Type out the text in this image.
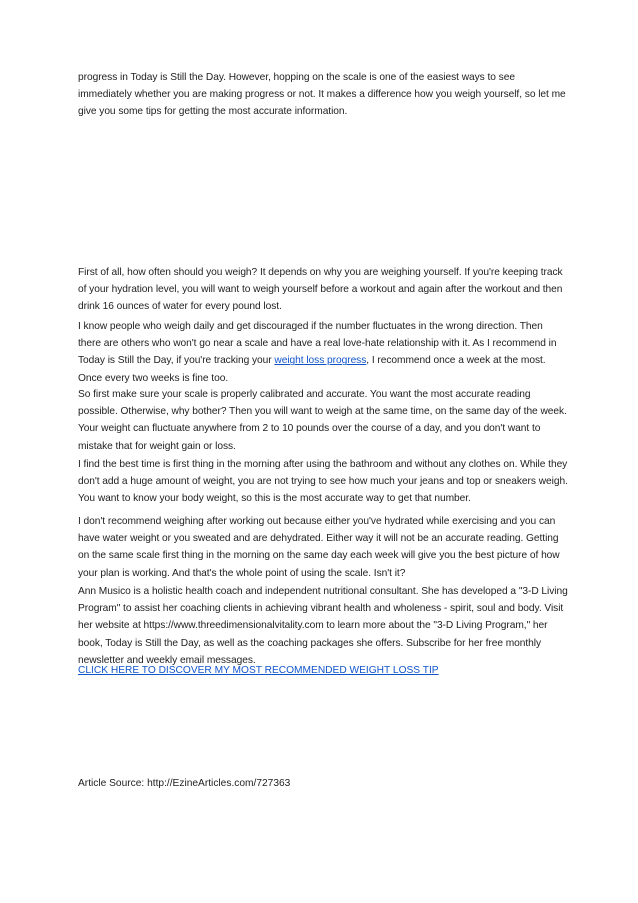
progress in Today is Still the Day. However, hopping on the scale is one of the easiest ways to see immediately whether you are making progress or not. It makes a difference how you weigh yourself, so let me give you some tips for getting the most accurate information.

First of all, how often should you weigh? It depends on why you are weighing yourself. If you're keeping track of your hydration level, you will want to weigh yourself before a workout and again after the workout and then drink 16 ounces of water for every pound lost.

I know people who weigh daily and get discouraged if the number fluctuates in the wrong direction. Then there are others who won't go near a scale and have a real love-hate relationship with it. As I recommend in Today is Still the Day, if you're tracking your weight loss progress, I recommend once a week at the most. Once every two weeks is fine too.

So first make sure your scale is properly calibrated and accurate. You want the most accurate reading possible. Otherwise, why bother? Then you will want to weigh at the same time, on the same day of the week. Your weight can fluctuate anywhere from 2 to 10 pounds over the course of a day, and you don't want to mistake that for weight gain or loss.

I find the best time is first thing in the morning after using the bathroom and without any clothes on. While they don't add a huge amount of weight, you are not trying to see how much your jeans and top or sneakers weigh. You want to know your body weight, so this is the most accurate way to get that number.

I don't recommend weighing after working out because either you've hydrated while exercising and you can have water weight or you sweated and are dehydrated. Either way it will not be an accurate reading. Getting on the same scale first thing in the morning on the same day each week will give you the best picture of how your plan is working. And that's the whole point of using the scale. Isn't it?

Ann Musico is a holistic health coach and independent nutritional consultant. She has developed a "3-D Living Program" to assist her coaching clients in achieving vibrant health and wholeness - spirit, soul and body. Visit her website at https://www.threedimensionalvitality.com to learn more about the "3-D Living Program," her book, Today is Still the Day, as well as the coaching packages she offers. Subscribe for her free monthly newsletter and weekly email messages.

CLICK HERE TO DISCOVER MY MOST RECOMMENDED WEIGHT LOSS TIP

Article Source: http://EzineArticles.com/727363
